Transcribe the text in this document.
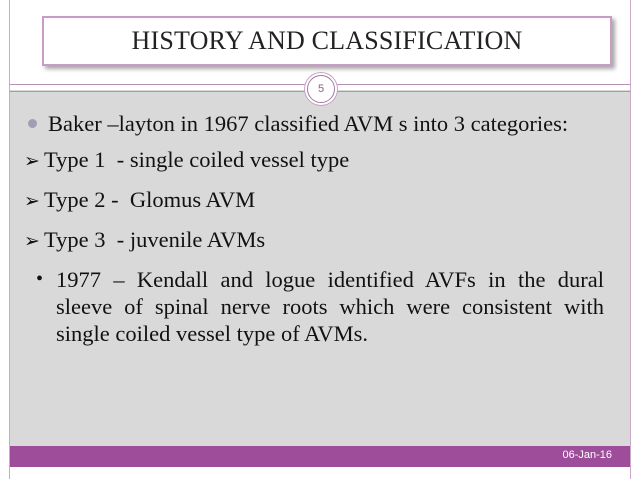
HISTORY AND CLASSIFICATION
5

Baker –layton in 1967 classified AVM s into 3 categories:

➢ Type 1  - single coiled vessel type

➢ Type 2 -  Glomus AVM

➢ Type 3  - juvenile AVMs

• 1977 – Kendall and logue identified AVFs in the dural sleeve of spinal nerve roots which were consistent with single coiled vessel type of AVMs.

06-Jan-16
